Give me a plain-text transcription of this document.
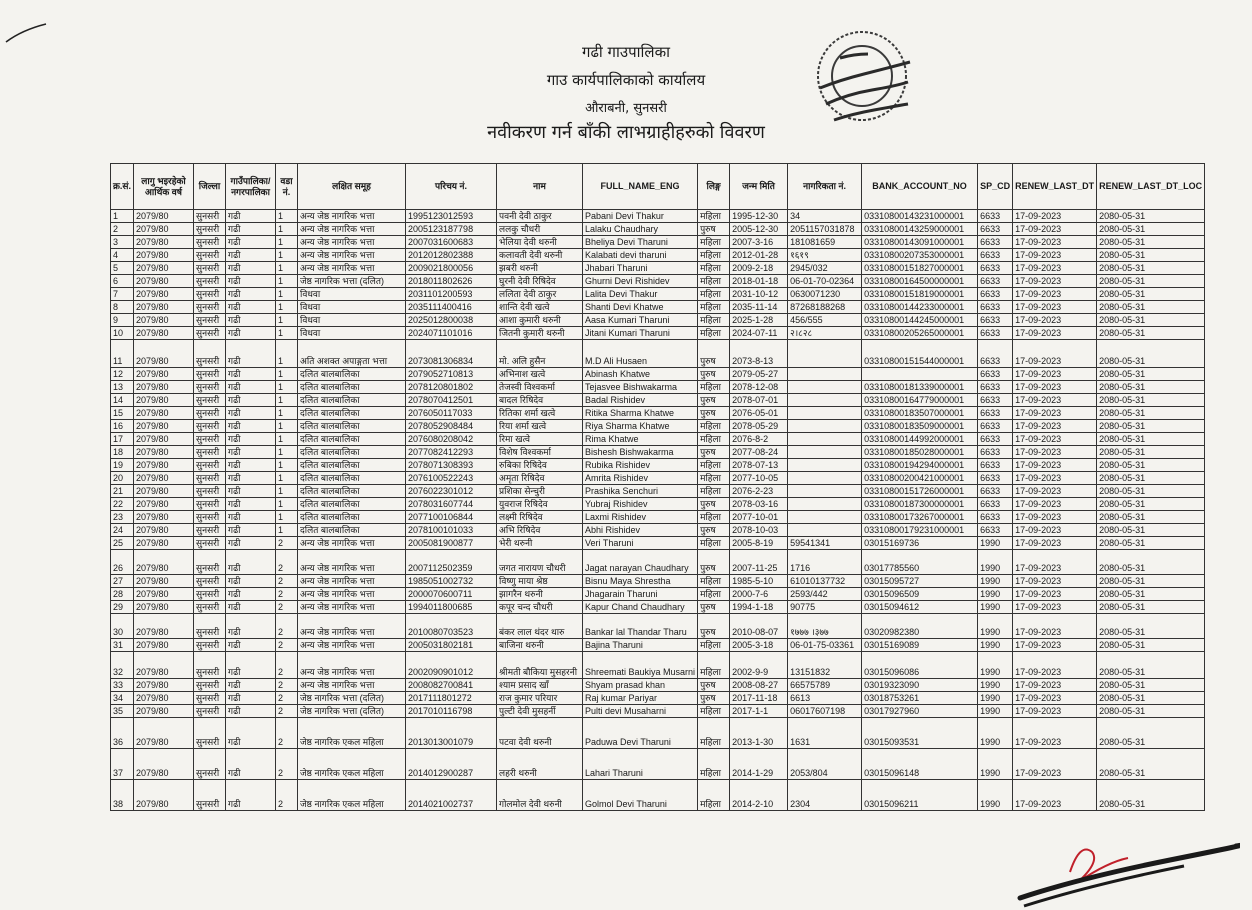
गढी गाउपालिका
गाउ कार्यपालिकाको कार्यालय
औराबनी, सुनसरी
नवीकरण गर्न बाँकी लाभग्राहीहरुको विवरण
क्र.सं.	लागु भइरहेको आर्थिक वर्ष	जिल्ला	गाउँपालिका/ नगरपालिका	वडा नं.	लक्षित समूह	परिचय नं.	नाम	FULL_NAME_ENG	लिङ्ग	जन्म मिति	नागरिकता नं.	BANK_ACCOUNT_NO	SP_CD	RENEW_LAST_DT	RENEW_LAST_DT_LOC
1	2079/80	सुनसरी	गढी	1	अन्य जेष्ठ नागरिक भत्ता	1995123012593	पवनी देवी ठाकुर	Pabani Devi Thakur	महिला	1995-12-30	34	03310800143231000001	6633	17-09-2023	2080-05-31
2	2079/80	सुनसरी	गढी	1	अन्य जेष्ठ नागरिक भत्ता	2005123187798	ललकु चौधरी	Lalaku Chaudhary	पुरुष	2005-12-30	2051157031878	03310800143259000001	6633	17-09-2023	2080-05-31
3	2079/80	सुनसरी	गढी	1	अन्य जेष्ठ नागरिक भत्ता	2007031600683	भेलिया देवी थरुनी	Bheliya Devi Tharuni	महिला	2007-3-16	181081659	03310800143091000001	6633	17-09-2023	2080-05-31
4	2079/80	सुनसरी	गढी	1	अन्य जेष्ठ नागरिक भत्ता	2012012802388	कलावती देवी थरुनी	Kalabati devi tharuni	महिला	2012-01-28	१६१९	03310800207353000001	6633	17-09-2023	2080-05-31
5	2079/80	सुनसरी	गढी	1	अन्य जेष्ठ नागरिक भत्ता	2009021800056	झबरी थरुनी	Jhabari Tharuni	महिला	2009-2-18	2945/032	03310800151827000001	6633	17-09-2023	2080-05-31
6	2079/80	सुनसरी	गढी	1	जेष्ठ नागरिक भत्ता (दलित)	2018011802626	घुरनी देवी रिषिदेव	Ghurni Devi Rishidev	महिला	2018-01-18	06-01-70-02364	03310800164500000001	6633	17-09-2023	2080-05-31
7	2079/80	सुनसरी	गढी	1	विधवा	2031101200593	ललिता देवी ठाकुर	Lalita Devi Thakur	महिला	2031-10-12	0630071230	03310800151819000001	6633	17-09-2023	2080-05-31
8	2079/80	सुनसरी	गढी	1	विधवा	2035111400416	शान्ति देवी खत्वे	Shanti Devi Khatwe	महिला	2035-11-14	87268188268	03310800144233000001	6633	17-09-2023	2080-05-31
9	2079/80	सुनसरी	गढी	1	विधवा	2025012800038	आशा कुमारी थरुनी	Aasa Kumari Tharuni	महिला	2025-1-28	456/555	03310800144245000001	6633	17-09-2023	2080-05-31
10	2079/80	सुनसरी	गढी	1	विधवा	2024071101016	जितनी कुमारी थरुनी	Jitani Kumari Tharuni	महिला	2024-07-11	२।८२८	03310800205265000001	6633	17-09-2023	2080-05-31
11	2079/80	सुनसरी	गढी	1	अति अशक्त अपाङ्गता भत्ता	2073081306834	मो. अलि हुसैन	M.D Ali Husaen	पुरुष	2073-8-13		03310800151544000001	6633	17-09-2023	2080-05-31
12	2079/80	सुनसरी	गढी	1	दलित बालबालिका	2079052710813	अभिनाश खत्वे	Abinash Khatwe	पुरुष	2079-05-27			6633	17-09-2023	2080-05-31
13	2079/80	सुनसरी	गढी	1	दलित बालबालिका	2078120801802	तेजस्वी विश्वकर्मा	Tejasvee Bishwakarma	महिला	2078-12-08		03310800181339000001	6633	17-09-2023	2080-05-31
14	2079/80	सुनसरी	गढी	1	दलित बालबालिका	2078070412501	बादल रिषिदेव	Badal Rishidev	पुरुष	2078-07-01		03310800164779000001	6633	17-09-2023	2080-05-31
15	2079/80	सुनसरी	गढी	1	दलित बालबालिका	2076050117033	रितिका शर्मा खत्वे	Ritika Sharma Khatwe	पुरुष	2076-05-01		03310800183507000001	6633	17-09-2023	2080-05-31
16	2079/80	सुनसरी	गढी	1	दलित बालबालिका	2078052908484	रिया शर्मा खत्वे	Riya Sharma Khatwe	महिला	2078-05-29		03310800183509000001	6633	17-09-2023	2080-05-31
17	2079/80	सुनसरी	गढी	1	दलित बालबालिका	2076080208042	रिमा खत्वे	Rima Khatwe	महिला	2076-8-2		03310800144992000001	6633	17-09-2023	2080-05-31
18	2079/80	सुनसरी	गढी	1	दलित बालबालिका	2077082412293	विशेष विश्वकर्मा	Bishesh Bishwakarma	पुरुष	2077-08-24		03310800185028000001	6633	17-09-2023	2080-05-31
19	2079/80	सुनसरी	गढी	1	दलित बालबालिका	2078071308393	रुबिका रिषिदेव	Rubika Rishidev	महिला	2078-07-13		03310800194294000001	6633	17-09-2023	2080-05-31
20	2079/80	सुनसरी	गढी	1	दलित बालबालिका	2076100522243	अमृता रिषिदेव	Amrita Rishidev	महिला	2077-10-05		03310800200421000001	6633	17-09-2023	2080-05-31
21	2079/80	सुनसरी	गढी	1	दलित बालबालिका	2076022301012	प्रशिका सेन्चुरी	Prashika Senchuri	महिला	2076-2-23		03310800151726000001	6633	17-09-2023	2080-05-31
22	2079/80	सुनसरी	गढी	1	दलित बालबालिका	2078031607744	युवराज रिषिदेव	Yubraj Rishidev	पुरुष	2078-03-16		03310800187300000001	6633	17-09-2023	2080-05-31
23	2079/80	सुनसरी	गढी	1	दलित बालबालिका	2077100106844	लक्ष्मी रिषिदेव	Laxmi Rishidev	महिला	2077-10-01		03310800173267000001	6633	17-09-2023	2080-05-31
24	2079/80	सुनसरी	गढी	1	दलित बालबालिका	2078100101033	अभि रिषिदेव	Abhi Rishidev	पुरुष	2078-10-03		03310800179231000001	6633	17-09-2023	2080-05-31
25	2079/80	सुनसरी	गढी	2	अन्य जेष्ठ नागरिक भत्ता	2005081900877	भेरी थरुनी	Veri Tharuni	महिला	2005-8-19	59541341	03015169736	1990	17-09-2023	2080-05-31
26	2079/80	सुनसरी	गढी	2	अन्य जेष्ठ नागरिक भत्ता	2007112502359	जगत नारायण चौधरी	Jagat narayan Chaudhary	पुरुष	2007-11-25	1716	03017785560	1990	17-09-2023	2080-05-31
27	2079/80	सुनसरी	गढी	2	अन्य जेष्ठ नागरिक भत्ता	1985051002732	विष्णु माया श्रेष्ठ	Bisnu Maya Shrestha	महिला	1985-5-10	61010137732	03015095727	1990	17-09-2023	2080-05-31
28	2079/80	सुनसरी	गढी	2	अन्य जेष्ठ नागरिक भत्ता	2000070600711	झागरैन थरुनी	Jhagarain Tharuni	महिला	2000-7-6	2593/442	03015096509	1990	17-09-2023	2080-05-31
29	2079/80	सुनसरी	गढी	2	अन्य जेष्ठ नागरिक भत्ता	1994011800685	कपूर चन्द चौधरी	Kapur Chand Chaudhary	पुरुष	1994-1-18	90775	03015094612	1990	17-09-2023	2080-05-31
30	2079/80	सुनसरी	गढी	2	अन्य जेष्ठ नागरिक भत्ता	2010080703523	बंकर लाल थंदर थारु	Bankar lal Thandar Tharu	पुरुष	2010-08-07	१७७७ ।३७७	03020982380	1990	17-09-2023	2080-05-31
31	2079/80	सुनसरी	गढी	2	अन्य जेष्ठ नागरिक भत्ता	2005031802181	बाजिना थरुनी	Bajina Tharuni	महिला	2005-3-18	06-01-75-03361	03015169089	1990	17-09-2023	2080-05-31
32	2079/80	सुनसरी	गढी	2	अन्य जेष्ठ नागरिक भत्ता	2002090901012	श्रीमती बौकिया मुसहरनी	Shreemati Baukiya Musarni	महिला	2002-9-9	13151832	03015096086	1990	17-09-2023	2080-05-31
33	2079/80	सुनसरी	गढी	2	अन्य जेष्ठ नागरिक भत्ता	2008082700841	श्याम प्रसाद खाँ	Shyam prasad khan	पुरुष	2008-08-27	66575789	03019323090	1990	17-09-2023	2080-05-31
34	2079/80	सुनसरी	गढी	2	जेष्ठ नागरिक भत्ता (दलित)	2017111801272	राज कुमार परियार	Raj kumar Pariyar	पुरुष	2017-11-18	6613	03018753261	1990	17-09-2023	2080-05-31
35	2079/80	सुनसरी	गढी	2	जेष्ठ नागरिक भत्ता (दलित)	2017010116798	पुल्टी देवी मुसहर्नी	Pulti devi Musaharni	महिला	2017-1-1	06017607198	03017927960	1990	17-09-2023	2080-05-31
36	2079/80	सुनसरी	गढी	2	जेष्ठ नागरिक एकल महिला	2013013001079	पटवा देवी थरुनी	Paduwa Devi Tharuni	महिला	2013-1-30	1631	03015093531	1990	17-09-2023	2080-05-31
37	2079/80	सुनसरी	गढी	2	जेष्ठ नागरिक एकल महिला	2014012900287	लहरी थरुनी	Lahari Tharuni	महिला	2014-1-29	2053/804	03015096148	1990	17-09-2023	2080-05-31
38	2079/80	सुनसरी	गढी	2	जेष्ठ नागरिक एकल महिला	2014021002737	गोलमोल देवी थरुनी	Golmol Devi Tharuni	महिला	2014-2-10	2304	03015096211	1990	17-09-2023	2080-05-31
